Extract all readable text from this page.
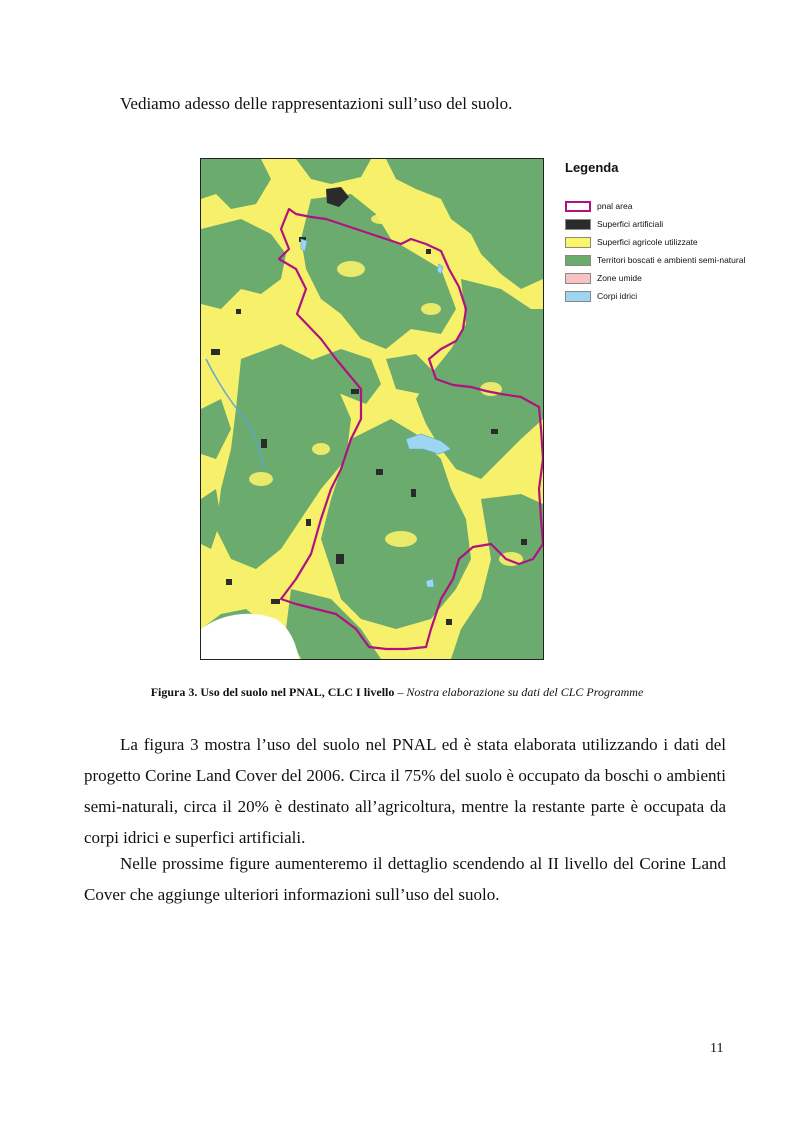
Vediamo adesso delle rappresentazioni sull’uso del suolo.

Legenda

pnal area
Superfici artificiali
Superfici agricole utilizzate
Territori boscati e ambienti semi-natural
Zone umide
Corpi idrici

Figura 3. Uso del suolo nel PNAL, CLC I livello – Nostra elaborazione su dati del CLC Programme

La figura 3 mostra l’uso del suolo nel PNAL ed è stata elaborata utilizzando i dati del progetto Corine Land Cover del 2006. Circa il 75% del suolo è occupato da boschi o ambienti semi-naturali, circa il 20% è destinato all’agricoltura, mentre la restante parte è occupata da corpi idrici e superfici artificiali.

Nelle prossime figure aumenteremo il dettaglio scendendo al II livello del Corine Land Cover che aggiunge ulteriori informazioni sull’uso del suolo.

11
